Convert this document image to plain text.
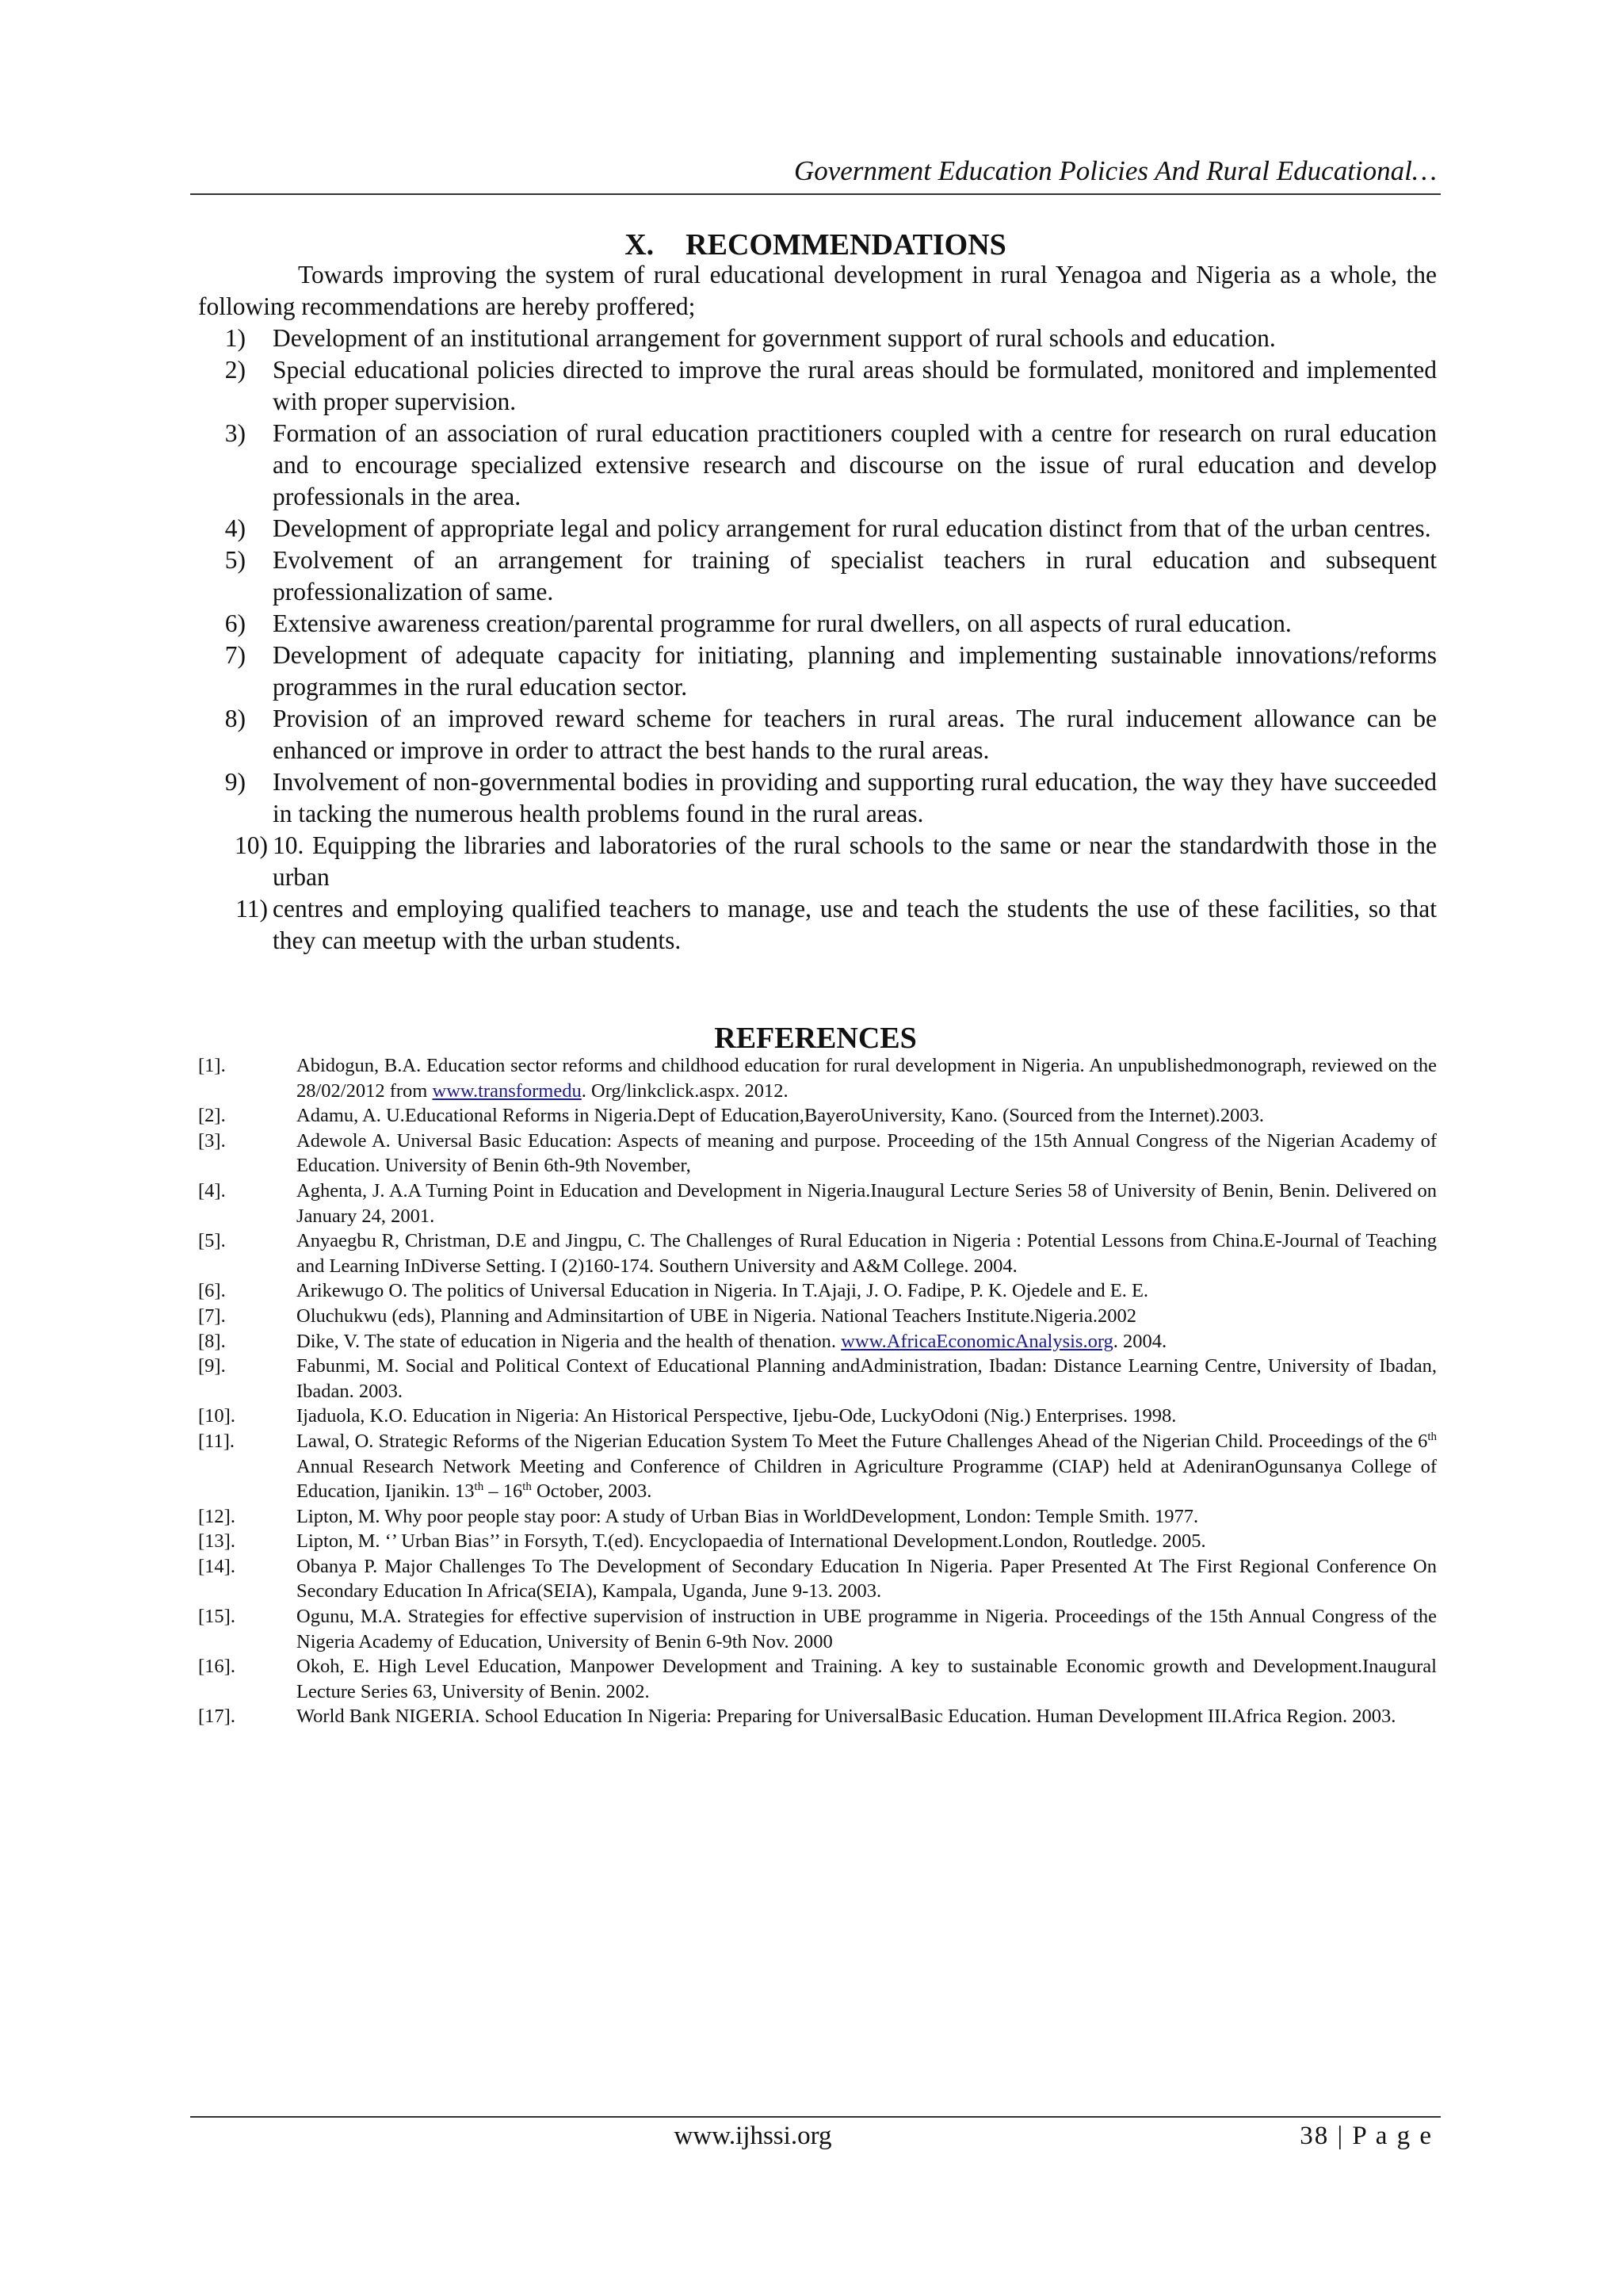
Government Education Policies And Rural Educational…
X. RECOMMENDATIONS

Towards improving the system of rural educational development in rural Yenagoa and Nigeria as a whole, the following recommendations are hereby proffered;

1) Development of an institutional arrangement for government support of rural schools and education.
2) Special educational policies directed to improve the rural areas should be formulated, monitored and implemented with proper supervision.
3) Formation of an association of rural education practitioners coupled with a centre for research on rural education and to encourage specialized extensive research and discourse on the issue of rural education and develop professionals in the area.
4) Development of appropriate legal and policy arrangement for rural education distinct from that of the urban centres.
5) Evolvement of an arrangement for training of specialist teachers in rural education and subsequent professionalization of same.
6) Extensive awareness creation/parental programme for rural dwellers, on all aspects of rural education.
7) Development of adequate capacity for initiating, planning and implementing sustainable innovations/reforms programmes in the rural education sector.
8) Provision of an improved reward scheme for teachers in rural areas. The rural inducement allowance can be enhanced or improve in order to attract the best hands to the rural areas.
9) Involvement of non-governmental bodies in providing and supporting rural education, the way they have succeeded in tacking the numerous health problems found in the rural areas.
10) 10. Equipping the libraries and laboratories of the rural schools to the same or near the standardwith those in the urban
11) centres and employing qualified teachers to manage, use and teach the students the use of these facilities, so that they can meetup with the urban students.
REFERENCES
[1].	Abidogun, B.A. Education sector reforms and childhood education for rural development in Nigeria. An unpublishedmonograph, reviewed on the 28/02/2012 from www.transformedu. Org/linkclick.aspx. 2012.
[2].	Adamu, A. U.Educational Reforms in Nigeria.Dept of Education,BayeroUniversity, Kano. (Sourced from the Internet).2003.
[3].	Adewole A. Universal Basic Education: Aspects of meaning and purpose. Proceeding of the 15th Annual Congress of the Nigerian Academy of Education. University of Benin 6th-9th November,
[4].	Aghenta, J. A.A Turning Point in Education and Development in Nigeria.Inaugural Lecture Series 58 of University of Benin, Benin. Delivered on January 24, 2001.
[5].	Anyaegbu R, Christman, D.E and Jingpu, C. The Challenges of Rural Education in Nigeria : Potential Lessons from China.E-Journal of Teaching and Learning InDiverse Setting. I (2)160-174. Southern University and A&M College. 2004.
[6].	Arikewugo O. The politics of Universal Education in Nigeria. In T.Ajaji, J. O. Fadipe, P. K. Ojedele and E. E.
[7].	Oluchukwu (eds), Planning and Adminsitartion of UBE in Nigeria. National Teachers Institute.Nigeria.2002
[8].	Dike, V. The state of education in Nigeria and the health of thenation. www.AfricaEconomicAnalysis.org. 2004.
[9].	Fabunmi, M. Social and Political Context of Educational Planning andAdministration, Ibadan: Distance Learning Centre, University of Ibadan, Ibadan. 2003.
[10].	Ijaduola, K.O. Education in Nigeria: An Historical Perspective, Ijebu-Ode, LuckyOdoni (Nig.) Enterprises. 1998.
[11].	Lawal, O. Strategic Reforms of the Nigerian Education System To Meet the Future Challenges Ahead of the Nigerian Child. Proceedings of the 6th Annual Research Network Meeting and Conference of Children in Agriculture Programme (CIAP) held at AdeniranOgunsanya College of Education, Ijanikin. 13th – 16th October, 2003.
[12].	Lipton, M. Why poor people stay poor: A study of Urban Bias in WorldDevelopment, London: Temple Smith. 1977.
[13].	Lipton, M. ‘’ Urban Bias’’ in Forsyth, T.(ed). Encyclopaedia of International Development.London, Routledge. 2005.
[14].	Obanya P. Major Challenges To The Development of Secondary Education In Nigeria. Paper Presented At The First Regional Conference On Secondary Education In Africa(SEIA), Kampala, Uganda, June 9-13. 2003.
[15].	Ogunu, M.A. Strategies for effective supervision of instruction in UBE programme in Nigeria. Proceedings of the 15th Annual Congress of the Nigeria Academy of Education, University of Benin 6-9th Nov. 2000
[16].	Okoh, E. High Level Education, Manpower Development and Training. A key to sustainable Economic growth and Development.Inaugural Lecture Series 63, University of Benin. 2002.
[17].	World Bank NIGERIA. School Education In Nigeria: Preparing for UniversalBasic Education. Human Development III.Africa Region. 2003.
www.ijhssi.org	38 | P a g e
